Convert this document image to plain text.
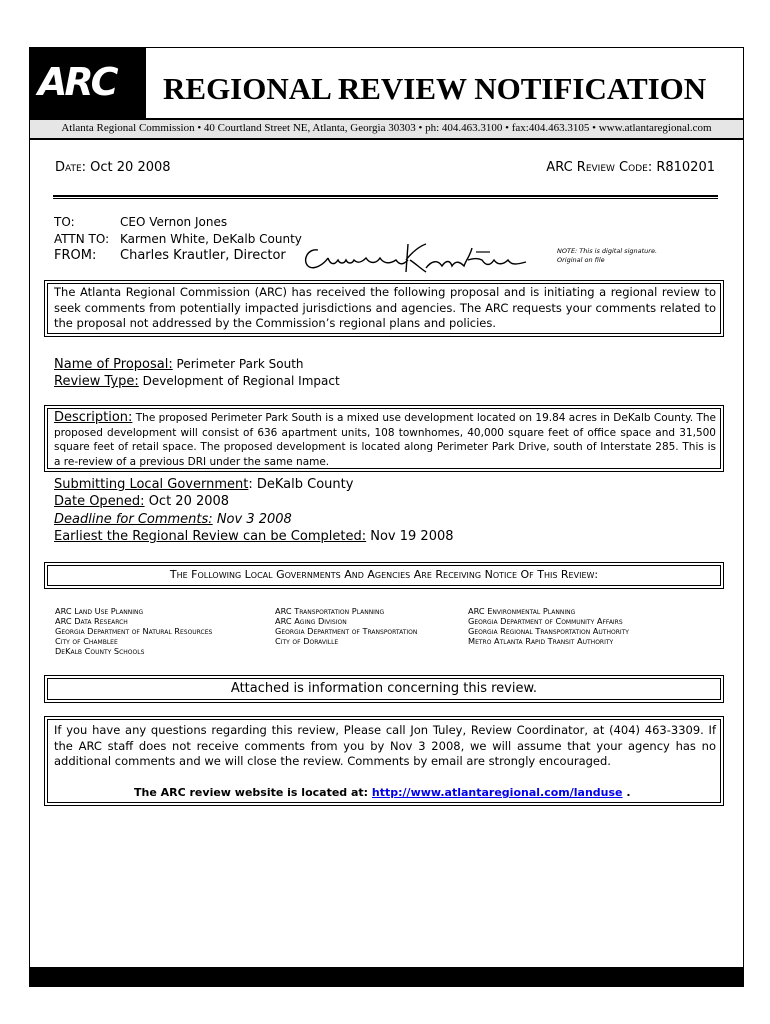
ARC REGIONAL REVIEW NOTIFICATION
Atlanta Regional Commission • 40 Courtland Street NE, Atlanta, Georgia 30303 • ph: 404.463.3100 • fax:404.463.3105 • www.atlantaregional.com
Date: Oct 20 2008	ARC Review Code: R810201
TO:	CEO Vernon Jones
ATTN TO: Karmen White, DeKalb County
FROM: Charles Krautler, Director	NOTE: This is digital signature.
Original on file
The Atlanta Regional Commission (ARC) has received the following proposal and is initiating a regional review to seek comments from potentially impacted jurisdictions and agencies. The ARC requests your comments related to the proposal not addressed by the Commission’s regional plans and policies.
Name of Proposal: Perimeter Park South
Review Type: Development of Regional Impact
Description: The proposed Perimeter Park South is a mixed use development located on 19.84 acres in DeKalb County. The proposed development will consist of 636 apartment units, 108 townhomes, 40,000 square feet of office space and 31,500 square feet of retail space. The proposed development is located along Perimeter Park Drive, south of Interstate 285. This is a re-review of a previous DRI under the same name.
Submitting Local Government: DeKalb County
Date Opened: Oct 20 2008
Deadline for Comments: Nov 3 2008
Earliest the Regional Review can be Completed: Nov 19 2008
The Following Local Governments And Agencies Are Receiving Notice Of This Review:
ARC Land Use Planning
ARC Data Research
Georgia Department of Natural Resources
City of Chamblee
DeKalb County Schools
ARC Transportation Planning
ARC Aging Division
Georgia Department of Transportation
City of Doraville
ARC Environmental Planning
Georgia Department of Community Affairs
Georgia Regional Transportation Authority
Metro Atlanta Rapid Transit Authority
Attached is information concerning this review.
If you have any questions regarding this review, Please call Jon Tuley, Review Coordinator, at (404) 463-3309. If the ARC staff does not receive comments from you by Nov 3 2008, we will assume that your agency has no additional comments and we will close the review. Comments by email are strongly encouraged.
The ARC review website is located at: http://www.atlantaregional.com/landuse .
